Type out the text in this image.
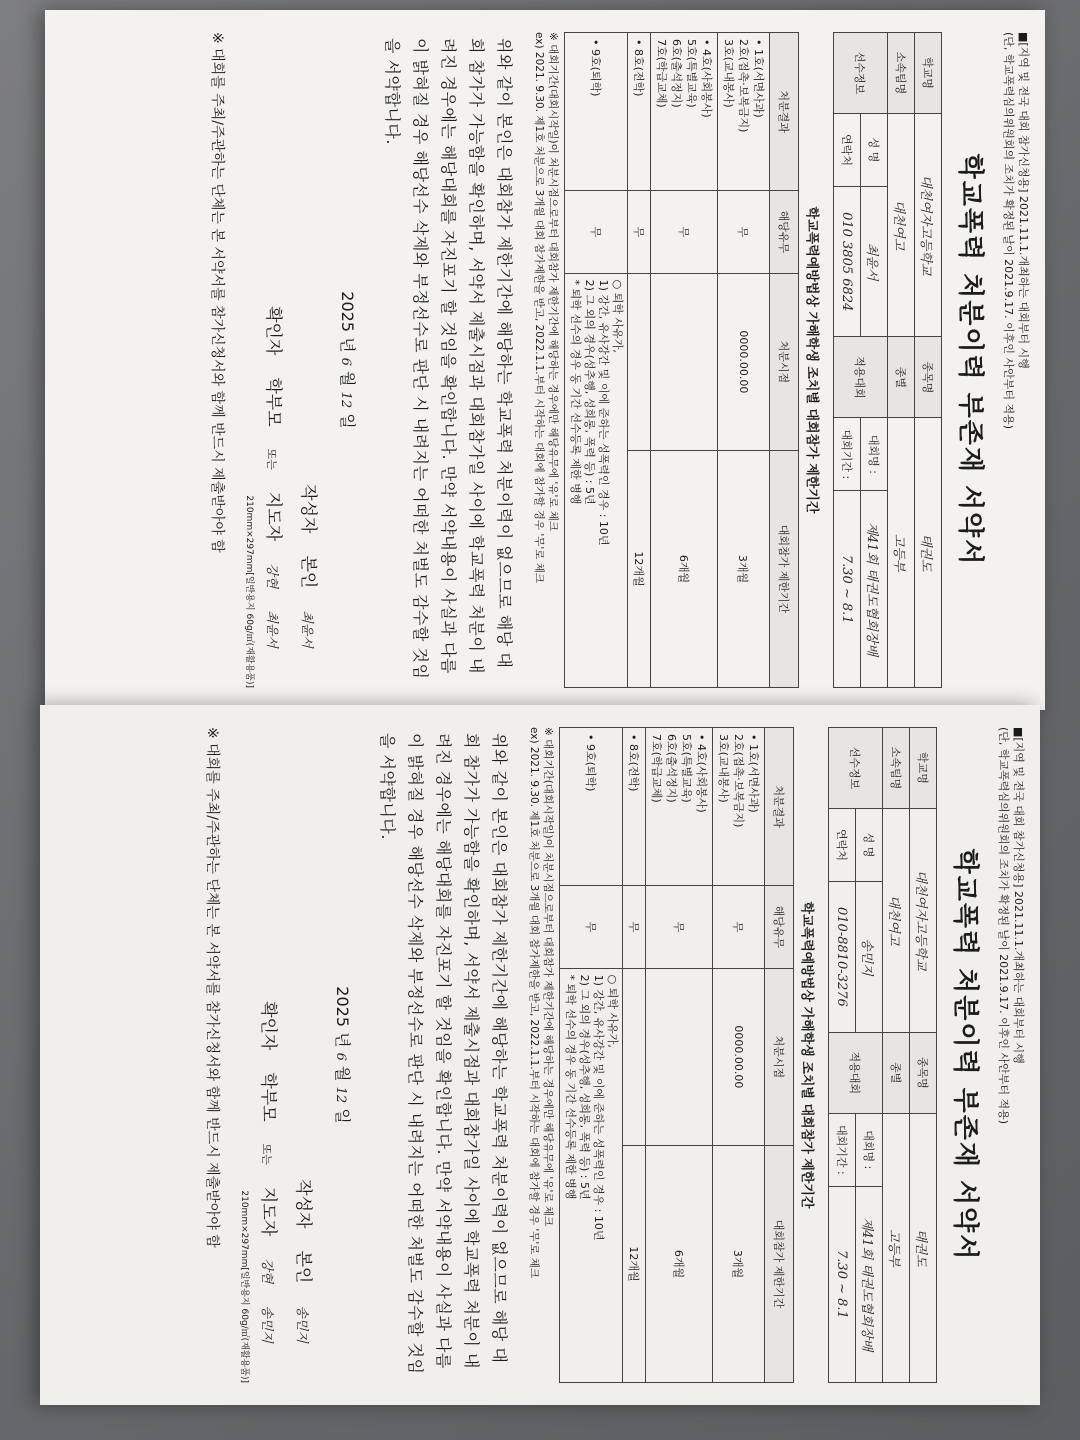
■[지역 및 전국 대회 참가신청용] 2021.11.1.개최하는 대회부터 시행
(단, 학교폭력심의위원회의 조치가 확정된 날이 2021.9.17. 이후인 사안부터 적용)
학교폭력 처분이력 부존재 서약서
학교명	대천여자고등학교		종목명	태권도	
소속팀명	대천여고		종별	고등부	
선수정보	성 명	최윤서	적용대회	대회명 :	제41회 태권도협회장배
	연락처	010 3805 6824		대회기간 :	7.30 ~ 8.1
학교폭력예방법상 가해학생 조치별 대회참가 제한기간
처분결과	해당유무	처분시점	대회참가 제한기간
• 1호(서면사과)
2호(접촉·보복금지)
3호(교내봉사)	무	0000.00.00	3개월
• 4호(사회봉사)
5호(특별교육)
6호(출석정지)
7호(학급교체)	무		6개월
• 8호(전학)	무		12개월
• 9호(퇴학)	무	○ 퇴학 사유가,
1) 강간, 유사강간 및 이에 준하는 성폭력인 경우 : 10년
2) 그 외의 경우(성추행, 성희롱, 폭력 등) : 5년
* 퇴학 선수의 경우 동 기간 선수등록 제한 병행	
※ 대회기간(대회시작일)이 처분시점으로부터 대회참가 제한기간에 해당하는 경우에만 해당유무에 '유'로 체크
ex) 2021. 9.30. 제1호 처분으로 3개월 대회 참가제한을 받고, 2022.1.1.부터 시작하는 대회에 참가할 경우 '무'로 체크
위와 같이 본인은 대회참가 제한기간에 해당하는 학교폭력 처분이력이 없으므로 해당 대회 참가가 가능함을 확인하며, 서약서 제출시점과 대회참가일 사이에 학교폭력 처분이 내려진 경우에는 해당대회를 자진포기 할 것임을 확인합니다. 만약 서약내용이 사실과 다름이 밝혀질 경우 해당선수 삭제와 부정선수로 판단 시 내려지는 어떠한 처벌도 감수할 것임을 서약합니다.
2025 년 6 월 12 일
작성자
본인
최윤서
확인자
학부모
또는
지도자
강현
최윤서
210mm×297mm[일반용지 60g/㎡(재활용품)]
※ 대회를 주최/주관하는 단체는 본 서약서를 참가신청서와 함께 반드시 제출받아야 함
■[지역 및 전국 대회 참가신청용] 2021.11.1.개최하는 대회부터 시행
(단, 학교폭력심의위원회의 조치가 확정된 날이 2021.9.17. 이후인 사안부터 적용)
학교폭력 처분이력 부존재 서약서
학교명	대천여자고등학교		종목명	태권도	
소속팀명	대천여고		종별	고등부	
선수정보	성 명	송민지	적용대회	대회명 :	제41회 태권도협회장배
	연락처	010-8810-3276		대회기간 :	7.30 ~ 8.1
학교폭력예방법상 가해학생 조치별 대회참가 제한기간
처분결과	해당유무	처분시점	대회참가 제한기간
• 1호(서면사과)
2호(접촉·보복금지)
3호(교내봉사)	무	0000.00.00	3개월
• 4호(사회봉사)
5호(특별교육)
6호(출석정지)
7호(학급교체)	무		6개월
• 8호(전학)	무		12개월
• 9호(퇴학)	무	○ 퇴학 사유가,
1) 강간, 유사강간 및 이에 준하는 성폭력인 경우 : 10년
2) 그 외의 경우(성추행, 성희롱, 폭력 등) : 5년
* 퇴학 선수의 경우 동 기간 선수등록 제한 병행	
※ 대회기간(대회시작일)이 처분시점으로부터 대회참가 제한기간에 해당하는 경우에만 해당유무에 '유'로 체크
ex) 2021. 9.30. 제1호 처분으로 3개월 대회 참가제한을 받고, 2022.1.1.부터 시작하는 대회에 참가할 경우 '무'로 체크
위와 같이 본인은 대회참가 제한기간에 해당하는 학교폭력 처분이력이 없으므로 해당 대회 참가가 가능함을 확인하며, 서약서 제출시점과 대회참가일 사이에 학교폭력 처분이 내려진 경우에는 해당대회를 자진포기 할 것임을 확인합니다. 만약 서약내용이 사실과 다름이 밝혀질 경우 해당선수 삭제와 부정선수로 판단 시 내려지는 어떠한 처벌도 감수할 것임을 서약합니다.
2025 년 6 월 12 일
작성자
본인
송민지
확인자
학부모
또는
지도자
강현
송민지
210mm×297mm[일반용지 60g/㎡(재활용품)]
※ 대회를 주최/주관하는 단체는 본 서약서를 참가신청서와 함께 반드시 제출받아야 함
